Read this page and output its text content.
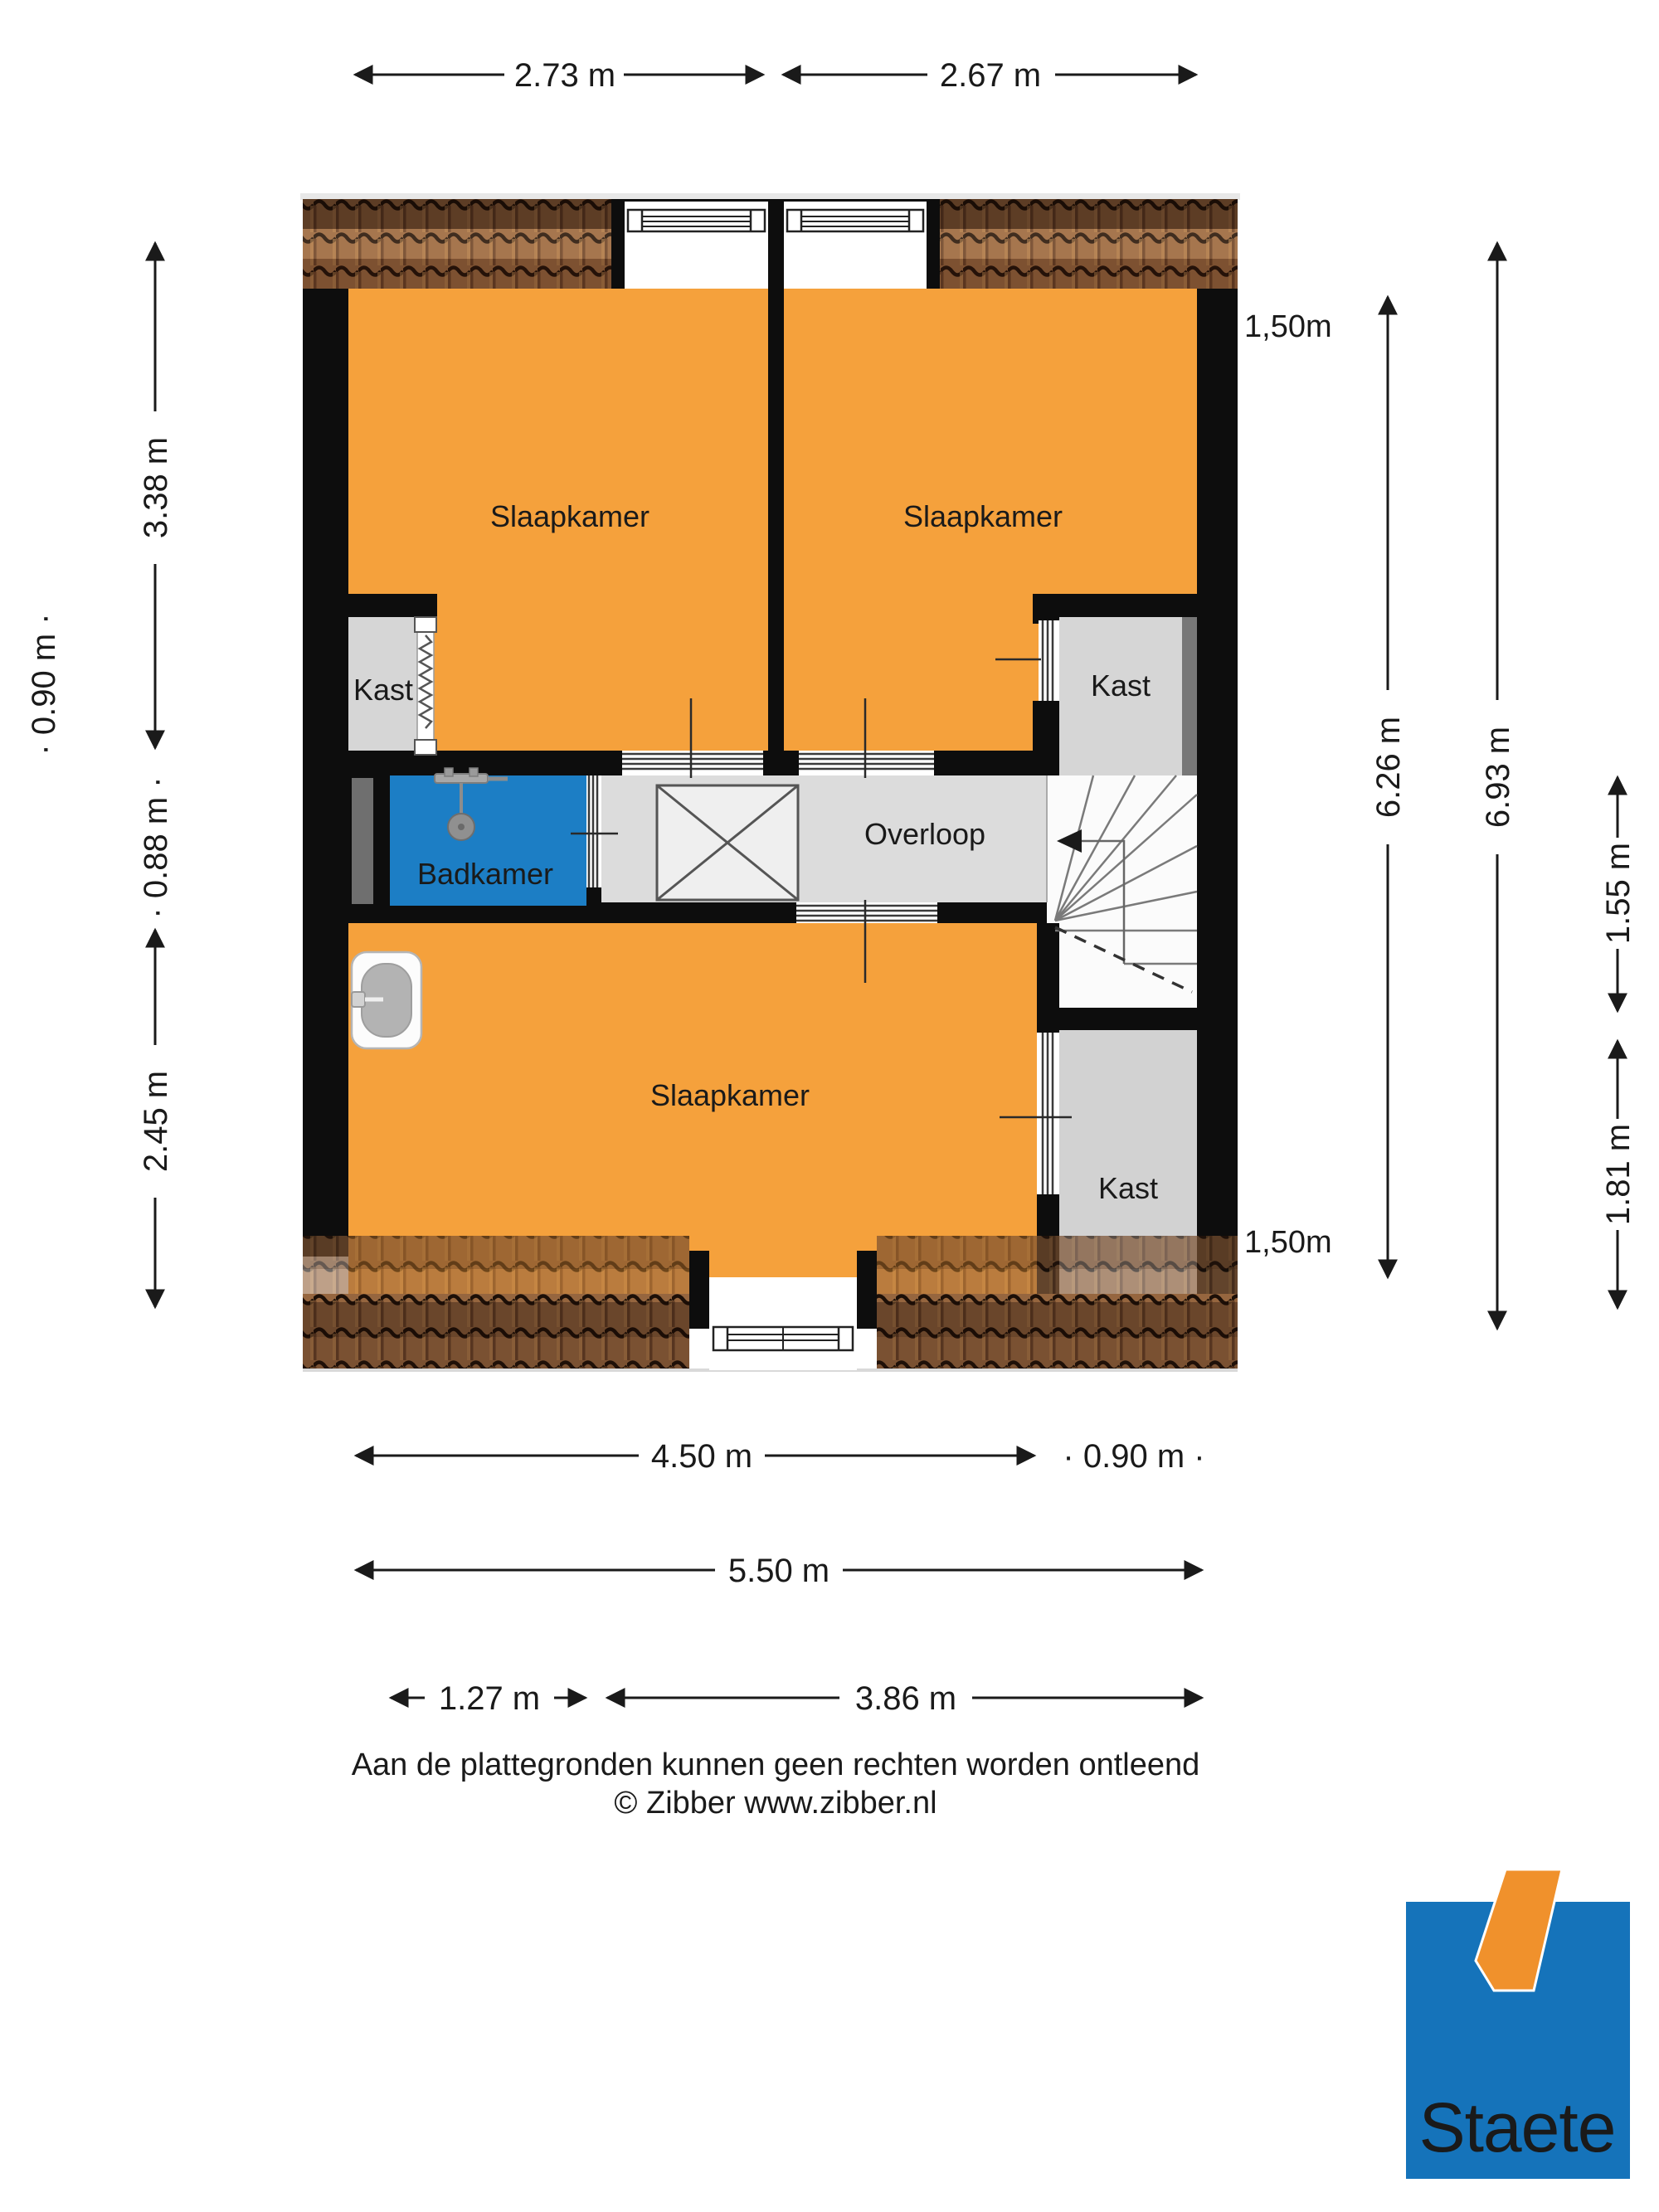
Slaapkamer	Slaapkamer
Slaapkamer
Badkamer
Overloop
Kast	Kast
Kast
2.73 m	2.67 m
3.38 m
· 0.90 m ·
· 0.88 m ·
2.45 m
1,50m
6.26 m 6.93 m
1.55 m
1.81 m
1,50m
4.50 m	· 0.90 m ·
5.50 m
1.27 m	3.86 m
Aan de plattegronden kunnen geen rechten worden ontleend
© Zibber www.zibber.nl
Staete
